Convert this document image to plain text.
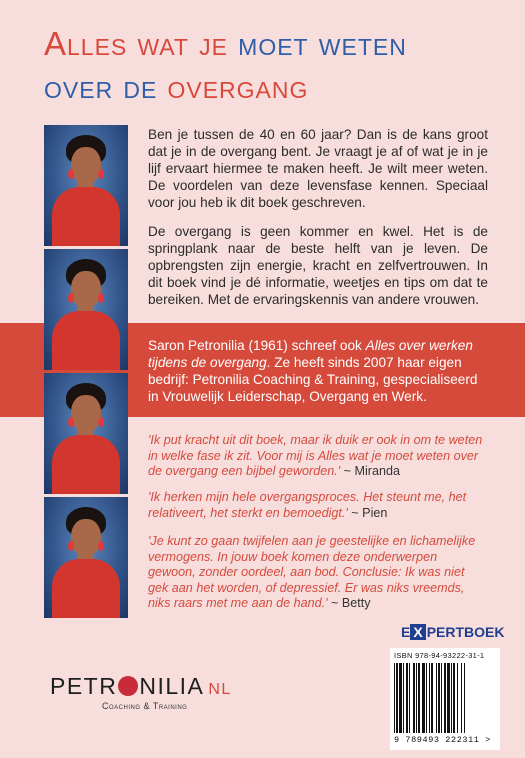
Alles wat je moet weten
over de overgang

Ben je tussen de 40 en 60 jaar? Dan is de kans groot dat je in de overgang bent. Je vraagt je af of wat je in je lijf ervaart hiermee te maken heeft. Je wilt meer weten. De voordelen van deze levensfase kennen. Speciaal voor jou heb ik dit boek geschreven.

De overgang is geen kommer en kwel. Het is de springplank naar de beste helft van je leven. De opbrengsten zijn energie, kracht en zelfvertrouwen. In dit boek vind je dé informatie, weetjes en tips om dat te bereiken. Met de ervaringskennis van andere vrouwen.

Saron Petronilia (1961) schreef ook Alles over werken tijdens de overgang. Ze heeft sinds 2007 haar eigen bedrijf: Petronilia Coaching & Training, gespecialiseerd in Vrouwelijk Leiderschap, Overgang en Werk.

'Ik put kracht uit dit boek, maar ik duik er ook in om te weten in welke fase ik zit. Voor mij is Alles wat je moet weten over de overgang een bijbel geworden.' ~ Miranda

'Ik herken mijn hele overgangsproces. Het steunt me, het relativeert, het sterkt en bemoedigt.' ~ Pien

'Je kunt zo gaan twijfelen aan je geestelijke en lichamelijke vermogens. In jouw boek komen deze onderwerpen gewoon, zonder oordeel, aan bod. Conclusie: Ik was niet gek aan het worden, of depressief. Er was niks vreemds, niks raars met me aan de hand.' ~ Betty

PETR NILIA NL
Coaching & Training
E X PERT BOEK
ISBN 978-94-93222-31-1
9 789493 222311 >
